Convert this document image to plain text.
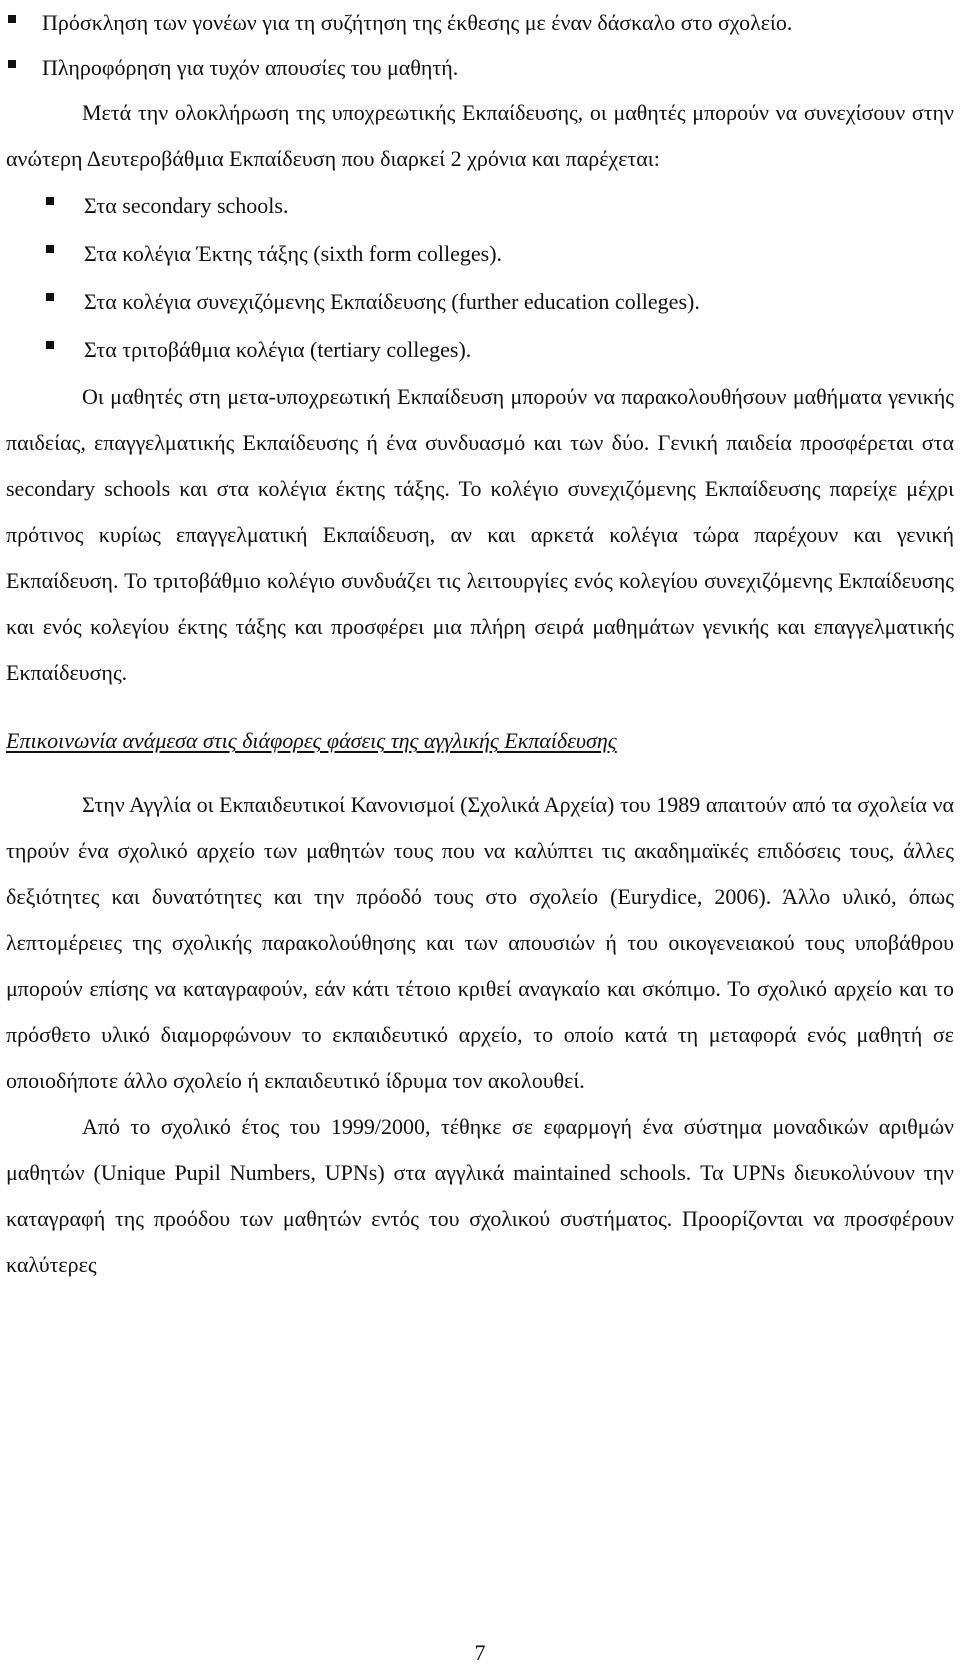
Πρόσκληση των γονέων για τη συζήτηση της έκθεσης με έναν δάσκαλο στο σχολείο.
Πληροφόρηση για τυχόν απουσίες του μαθητή.
Μετά την ολοκλήρωση της υποχρεωτικής Εκπαίδευσης, οι μαθητές μπορούν να συνεχίσουν στην ανώτερη Δευτεροβάθμια Εκπαίδευση που διαρκεί 2 χρόνια και παρέχεται:
Στα secondary schools.
Στα κολέγια Έκτης τάξης (sixth form colleges).
Στα κολέγια συνεχιζόμενης Εκπαίδευσης (further education colleges).
Στα τριτοβάθμια κολέγια (tertiary colleges).
Οι μαθητές στη μετα-υποχρεωτική Εκπαίδευση μπορούν να παρακολουθήσουν μαθήματα γενικής παιδείας, επαγγελματικής Εκπαίδευσης ή ένα συνδυασμό και των δύο. Γενική παιδεία προσφέρεται στα secondary schools και στα κολέγια έκτης τάξης. Το κολέγιο συνεχιζόμενης Εκπαίδευσης παρείχε μέχρι πρότινος κυρίως επαγγελματική Εκπαίδευση, αν και αρκετά κολέγια τώρα παρέχουν και γενική Εκπαίδευση. Το τριτοβάθμιο κολέγιο συνδυάζει τις λειτουργίες ενός κολεγίου συνεχιζόμενης Εκπαίδευσης και ενός κολεγίου έκτης τάξης και προσφέρει μια πλήρη σειρά μαθημάτων γενικής και επαγγελματικής Εκπαίδευσης.
Επικοινωνία ανάμεσα στις διάφορες φάσεις της αγγλικής Εκπαίδευσης
Στην Αγγλία οι Εκπαιδευτικοί Κανονισμοί (Σχολικά Αρχεία) του 1989 απαιτούν από τα σχολεία να τηρούν ένα σχολικό αρχείο των μαθητών τους που να καλύπτει τις ακαδημαϊκές επιδόσεις τους, άλλες δεξιότητες και δυνατότητες και την πρόοδό τους στο σχολείο (Eurydice, 2006). Άλλο υλικό, όπως λεπτομέρειες της σχολικής παρακολούθησης και των απουσιών ή του οικογενειακού τους υποβάθρου μπορούν επίσης να καταγραφούν, εάν κάτι τέτοιο κριθεί αναγκαίο και σκόπιμο. Το σχολικό αρχείο και το πρόσθετο υλικό διαμορφώνουν το εκπαιδευτικό αρχείο, το οποίο κατά τη μεταφορά ενός μαθητή σε οποιοδήποτε άλλο σχολείο ή εκπαιδευτικό ίδρυμα τον ακολουθεί.
Από το σχολικό έτος του 1999/2000, τέθηκε σε εφαρμογή ένα σύστημα μοναδικών αριθμών μαθητών (Unique Pupil Numbers, UPNs) στα αγγλικά maintained schools. Τα UPNs διευκολύνουν την καταγραφή της προόδου των μαθητών εντός του σχολικού συστήματος. Προορίζονται να προσφέρουν καλύτερες
7
